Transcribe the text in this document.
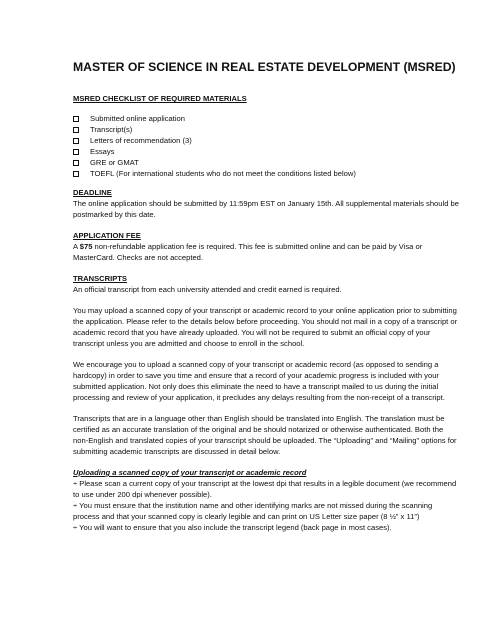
MASTER OF SCIENCE IN REAL ESTATE DEVELOPMENT (MSRED)

MSRED CHECKLIST OF REQUIRED MATERIALS

Submitted online application
Transcript(s)
Letters of recommendation (3)
Essays
GRE or GMAT
TOEFL (For international students who do not meet the conditions listed below)

DEADLINE

The online application should be submitted by 11:59pm EST on January 15th. All supplemental materials should be postmarked by this date.

APPLICATION FEE

A $75 non-refundable application fee is required. This fee is submitted online and can be paid by Visa or MasterCard. Checks are not accepted.

TRANSCRIPTS

An official transcript from each university attended and credit earned is required.

You may upload a scanned copy of your transcript or academic record to your online application prior to submitting the application. Please refer to the details below before proceeding. You should not mail in a copy of a transcript or academic record that you have already uploaded. You will not be required to submit an official copy of your transcript unless you are admitted and choose to enroll in the school.

We encourage you to upload a scanned copy of your transcript or academic record (as opposed to sending a hardcopy) in order to save you time and ensure that a record of your academic progress is included with your submitted application. Not only does this eliminate the need to have a transcript mailed to us during the initial processing and review of your application, it precludes any delays resulting from the non-receipt of a transcript.

Transcripts that are in a language other than English should be translated into English. The translation must be certified as an accurate translation of the original and be should notarized or otherwise authenticated. Both the non-English and translated copies of your transcript should be uploaded. The “Uploading” and “Mailing” options for submitting academic transcripts are discussed in detail below.

Uploading a scanned copy of your transcript or academic record

÷ Please scan a current copy of your transcript at the lowest dpi that results in a legible document (we recommend to use under 200 dpi whenever possible).

÷ You must ensure that the institution name and other identifying marks are not missed during the scanning process and that your scanned copy is clearly legible and can print on US Letter size paper (8 ½” x 11”)

÷ You will want to ensure that you also include the transcript legend (back page in most cases).
